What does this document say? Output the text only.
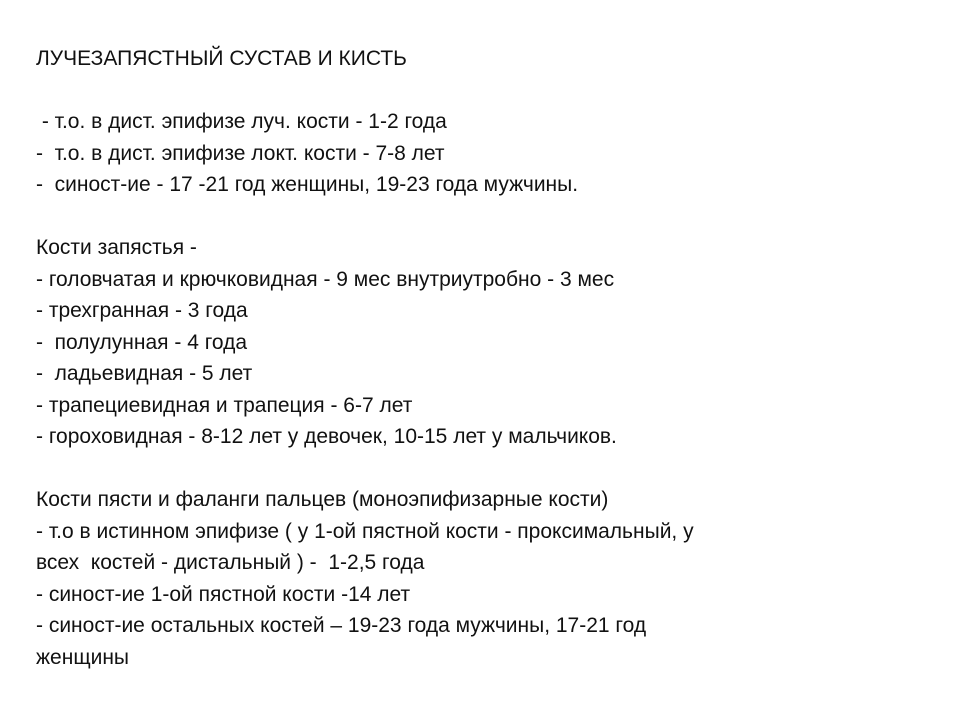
ЛУЧЕЗАПЯСТНЫЙ СУСТАВ И КИСТЬ
- т.о. в дист. эпифизе луч. кости - 1-2 года
-  т.о. в дист. эпифизе локт. кости - 7-8 лет
-  синост-ие - 17 -21 год женщины, 19-23 года мужчины.
Кости запястья -
- головчатая и крючковидная - 9 мес внутриутробно - 3 мес
- трехгранная - 3 года
-  полулунная - 4 года
-  ладьевидная - 5 лет
- трапециевидная и трапеция - 6-7 лет
- гороховидная - 8-12 лет у девочек, 10-15 лет у мальчиков.
Кости пясти и фаланги пальцев (моноэпифизарные кости)
- т.о в истинном эпифизе ( у 1-ой пястной кости - проксимальный, у
всех  костей - дистальный ) -  1-2,5 года
- синост-ие 1-ой пястной кости -14 лет
- синост-ие остальных костей – 19-23 года мужчины, 17-21 год
женщины
